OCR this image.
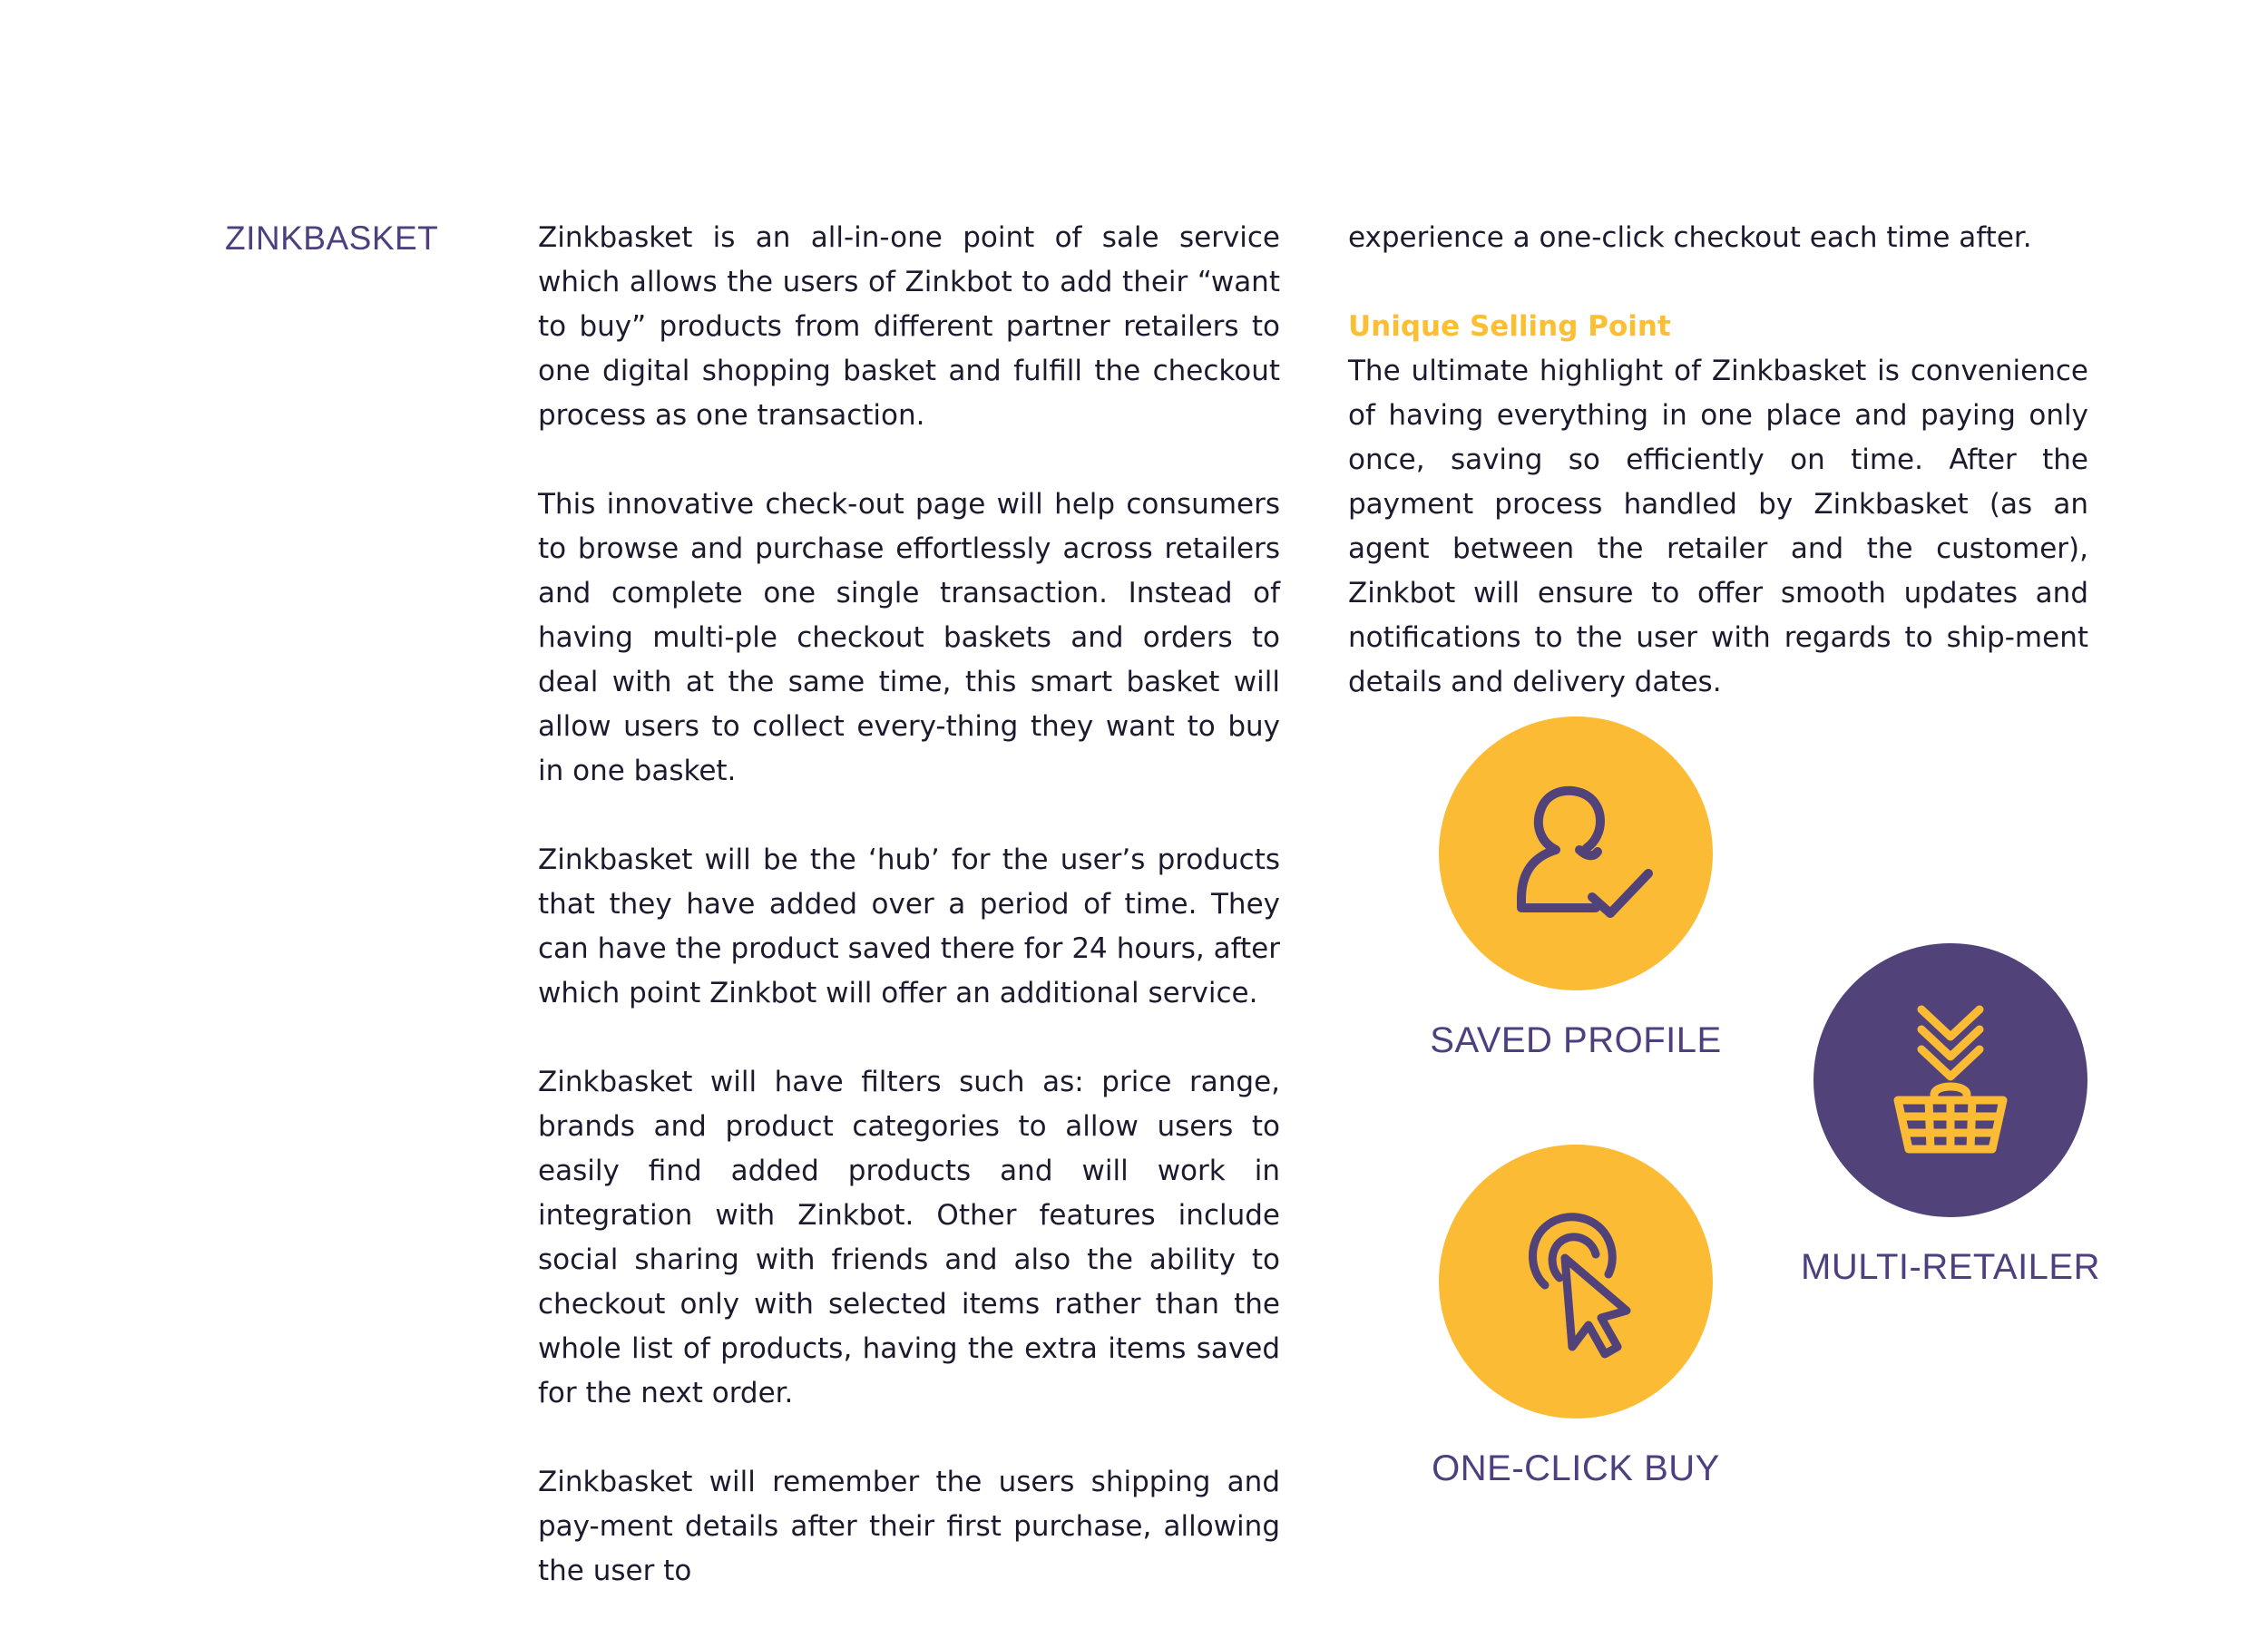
ZINKBASKET	Zinkbasket is an all-in-one point of sale service which allows the users of Zinkbot to add their “want to buy” products from different partner retailers to one digital shopping basket and fulfill the checkout process as one transaction.

This innovative check-out page will help consumers to browse and purchase effortlessly across retailers and complete one single transaction. Instead of having multi-ple checkout baskets and orders to deal with at the same time, this smart basket will allow users to collect every-thing they want to buy in one basket.

Zinkbasket will be the ‘hub’ for the user’s products that they have added over a period of time. They can have the product saved there for 24 hours, after which point Zinkbot will offer an additional service.

Zinkbasket will have filters such as: price range, brands and product categories to allow users to easily find added products and will work in integration with Zinkbot. Other features include social sharing with friends and also the ability to checkout only with selected items rather than the whole list of products, having the extra items saved for the next order.

Zinkbasket will remember the users shipping and pay-ment details after their first purchase, allowing the user to

experience a one-click checkout each time after.

Unique Selling Point

The ultimate highlight of Zinkbasket is convenience of having everything in one place and paying only once, saving so efficiently on time. After the payment process handled by Zinkbasket (as an agent between the retailer and the customer), Zinkbot will ensure to offer smooth updates and notifications to the user with regards to ship-ment details and delivery dates.

SAVED PROFILE
MULTI-RETAILER
ONE-CLICK BUY
